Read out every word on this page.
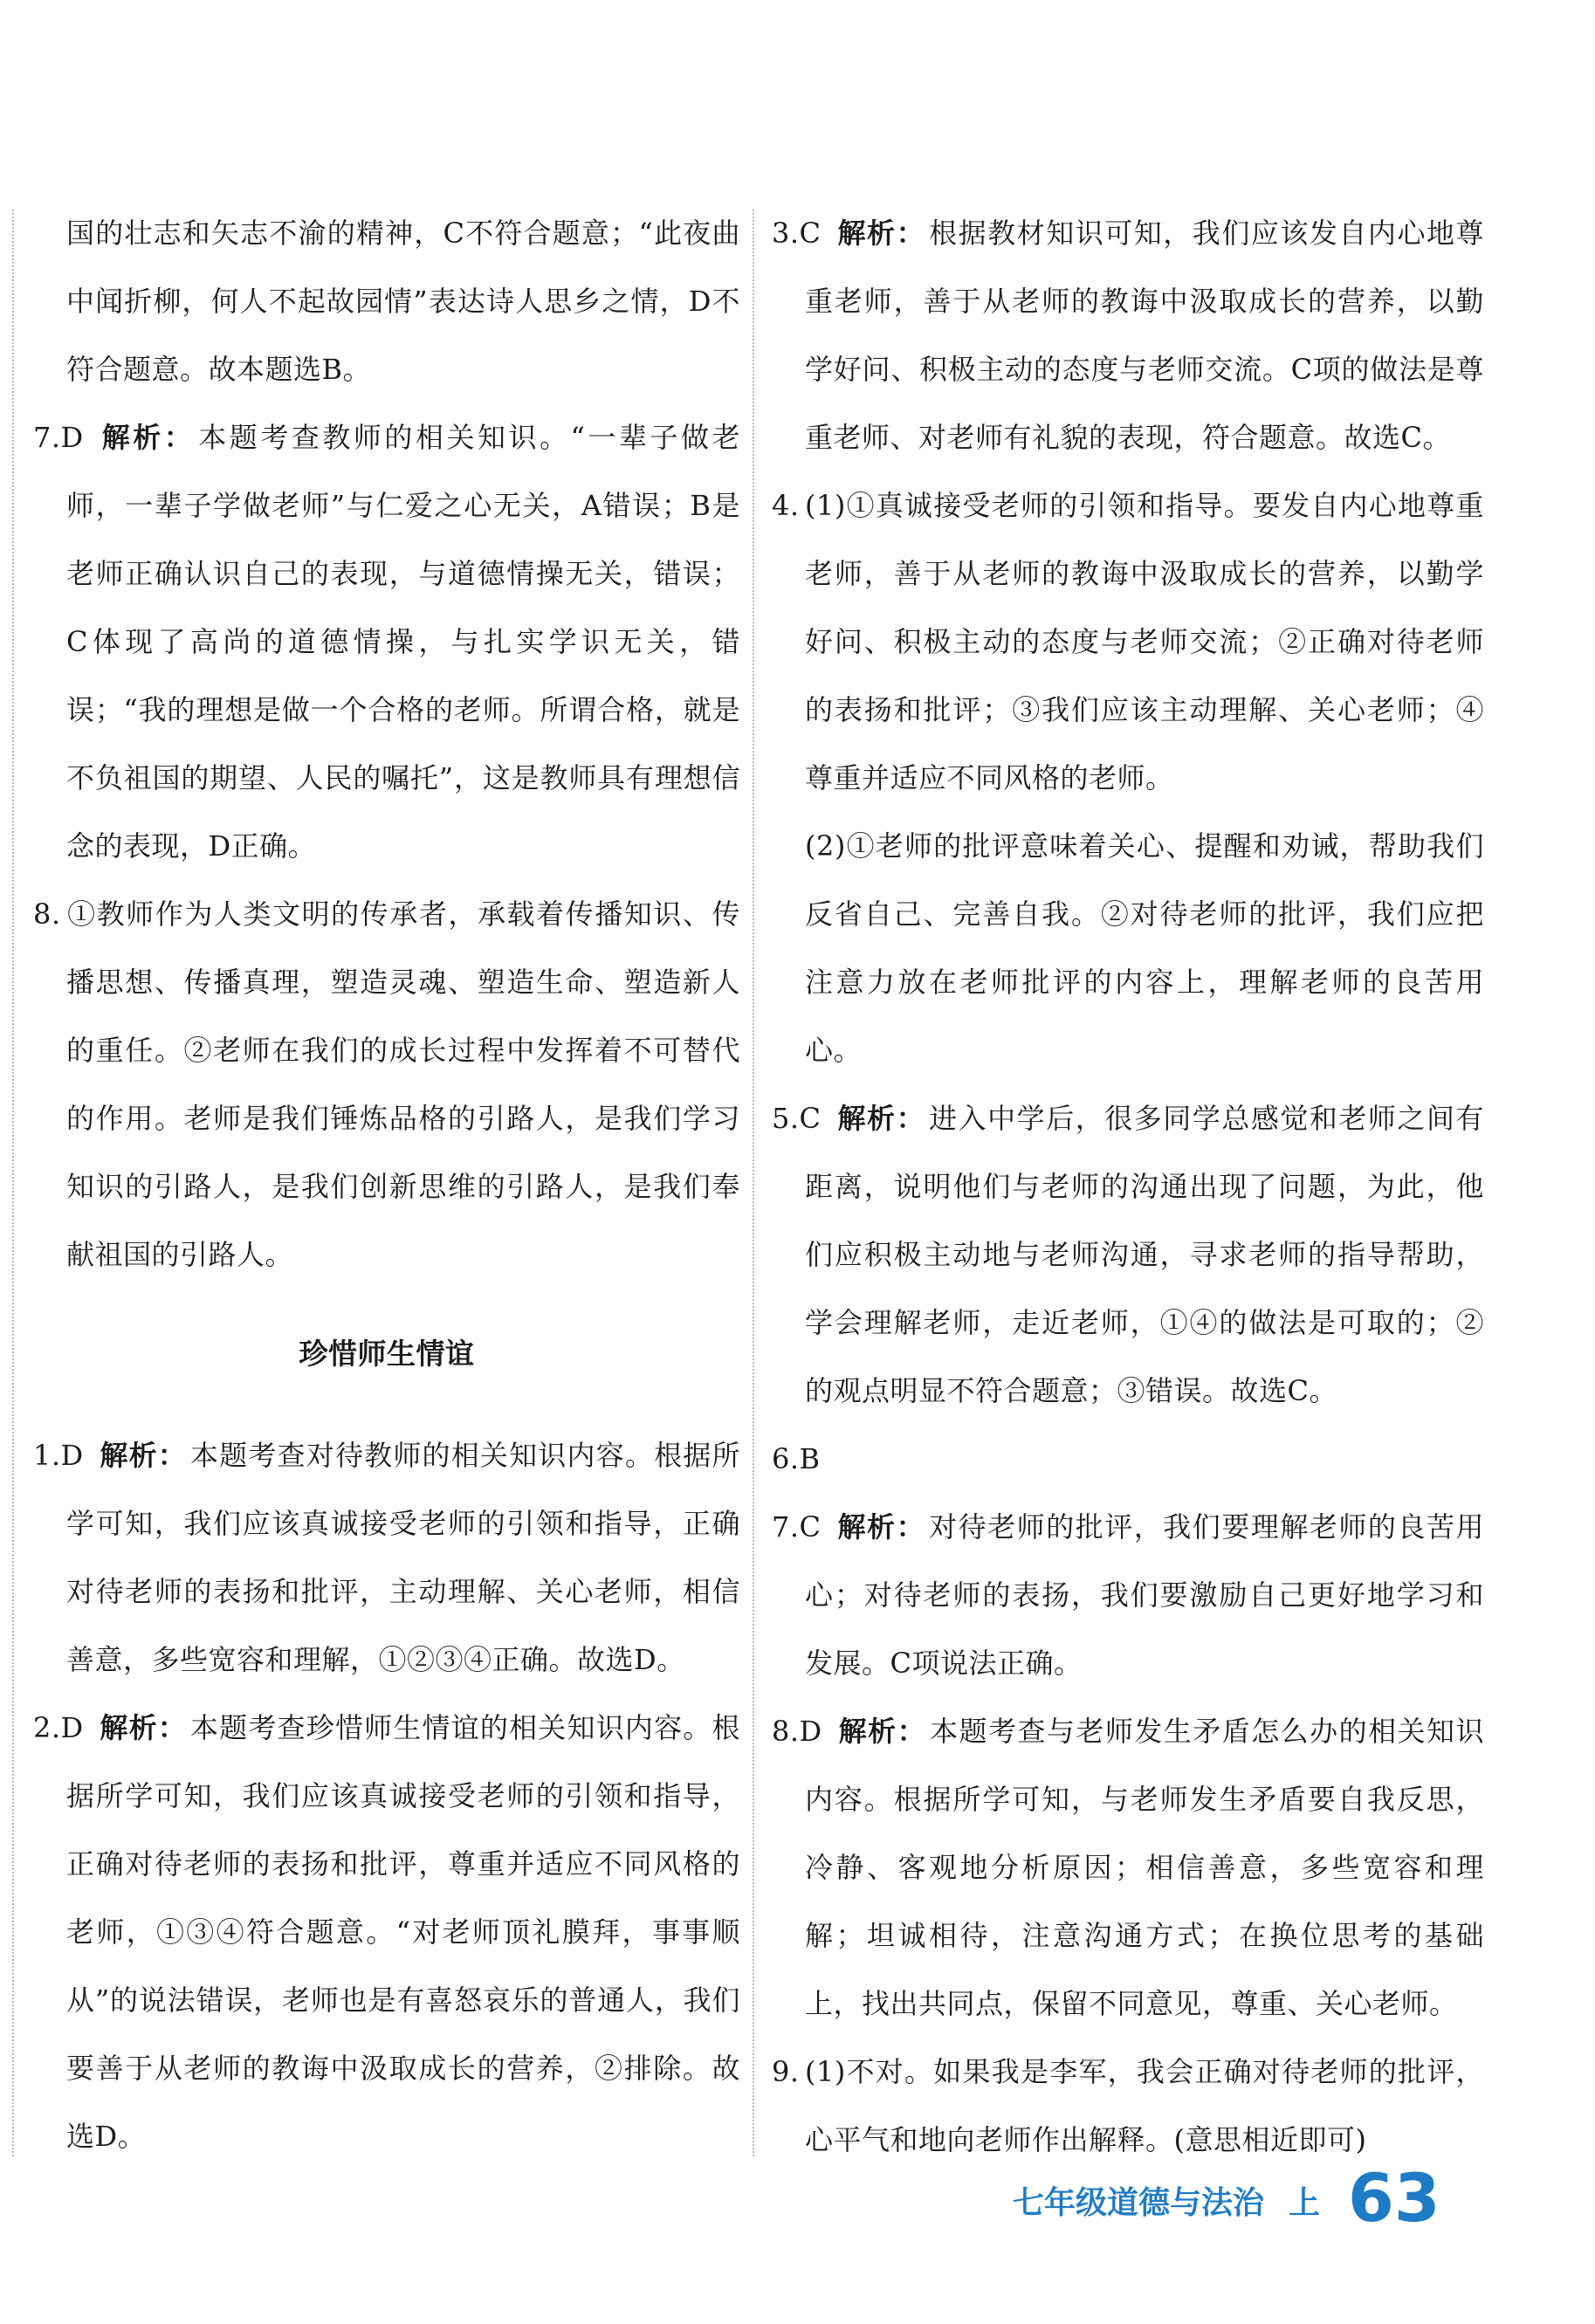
国的壮志和矢志不渝的精神，C不符合题意；“此夜曲中闻折柳，何人不起故园情”表达诗人思乡之情，D不符合题意。故本题选B。
7.D 解析： 本题考查教师的相关知识。“一辈子做老师，一辈子学做老师”与仁爱之心无关，A错误；B是老师正确认识自己的表现，与道德情操无关，错误；C体现了高尚的道德情操，与扎实学识无关，错误；“我的理想是做一个合格的老师。所谓合格，就是不负祖国的期望、人民的嘱托”，这是教师具有理想信念的表现，D正确。
8. ①教师作为人类文明的传承者，承载着传播知识、传播思想、传播真理，塑造灵魂、塑造生命、塑造新人的重任。②老师在我们的成长过程中发挥着不可替代的作用。老师是我们锤炼品格的引路人，是我们学习知识的引路人，是我们创新思维的引路人，是我们奉献祖国的引路人。
珍惜师生情谊
1.D 解析： 本题考查对待教师的相关知识内容。根据所学可知，我们应该真诚接受老师的引领和指导，正确对待老师的表扬和批评，主动理解、关心老师，相信善意，多些宽容和理解，①②③④正确。故选D。
2.D 解析： 本题考查珍惜师生情谊的相关知识内容。根据所学可知，我们应该真诚接受老师的引领和指导，正确对待老师的表扬和批评，尊重并适应不同风格的老师，①③④符合题意。“对老师顶礼膜拜，事事顺从”的说法错误，老师也是有喜怒哀乐的普通人，我们要善于从老师的教诲中汲取成长的营养，②排除。故选D。
3.C 解析： 根据教材知识可知，我们应该发自内心地尊重老师，善于从老师的教诲中汲取成长的营养，以勤学好问、积极主动的态度与老师交流。C项的做法是尊重老师、对老师有礼貌的表现，符合题意。故选C。
4. (1)①真诚接受老师的引领和指导。要发自内心地尊重老师，善于从老师的教诲中汲取成长的营养，以勤学好问、积极主动的态度与老师交流；②正确对待老师的表扬和批评；③我们应该主动理解、关心老师；④尊重并适应不同风格的老师。
(2)①老师的批评意味着关心、提醒和劝诫，帮助我们反省自己、完善自我。②对待老师的批评，我们应把注意力放在老师批评的内容上，理解老师的良苦用心。
5.C 解析： 进入中学后，很多同学总感觉和老师之间有距离，说明他们与老师的沟通出现了问题，为此，他们应积极主动地与老师沟通，寻求老师的指导帮助，学会理解老师，走近老师，①④的做法是可取的；②的观点明显不符合题意；③错误。故选C。
6.B
7.C 解析： 对待老师的批评，我们要理解老师的良苦用心；对待老师的表扬，我们要激励自己更好地学习和发展。C项说法正确。
8.D 解析： 本题考查与老师发生矛盾怎么办的相关知识内容。根据所学可知，与老师发生矛盾要自我反思，冷静、客观地分析原因；相信善意，多些宽容和理解；坦诚相待，注意沟通方式；在换位思考的基础上，找出共同点，保留不同意见，尊重、关心老师。
9. (1)不对。如果我是李军，我会正确对待老师的批评，心平气和地向老师作出解释。(意思相近即可)
七年级道德与法治 上 63
